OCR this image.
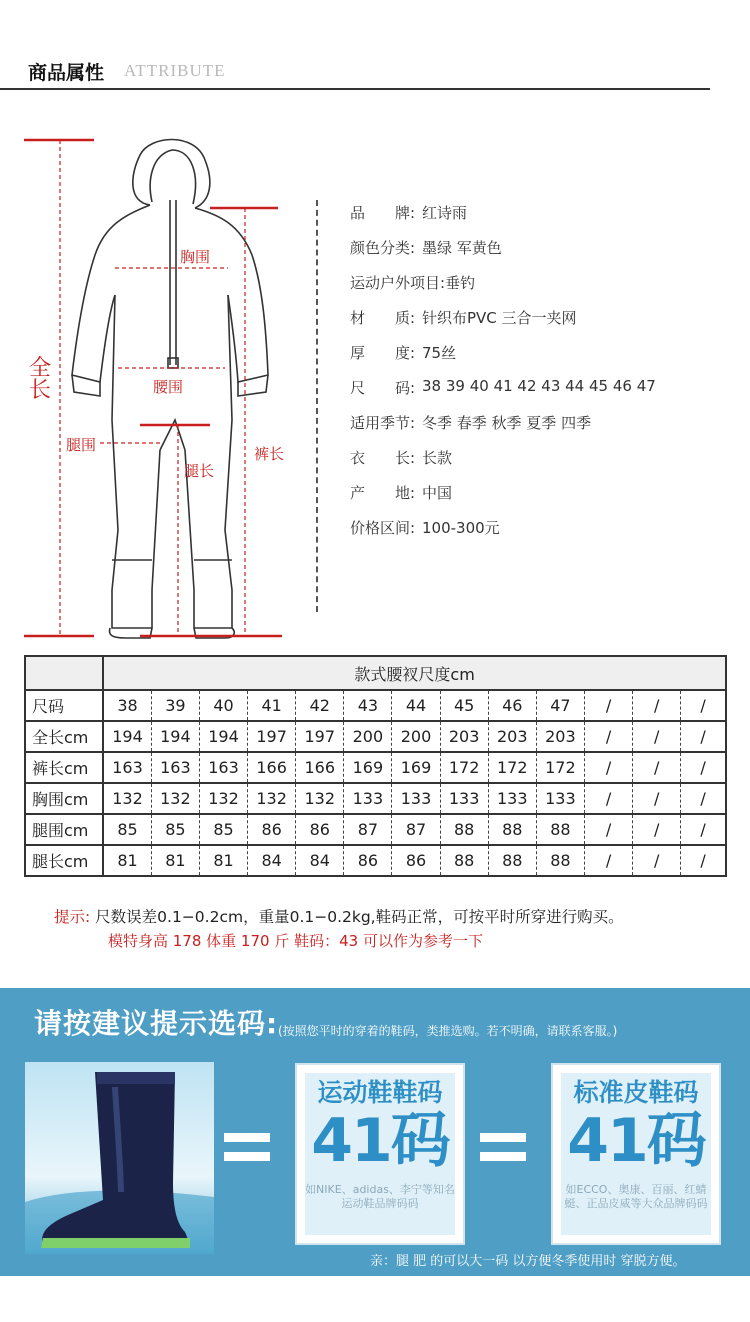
商品属性 ATTRIBUTE
全长
胸围
腰围
腿围
腿长
裤长
品　　牌: 红诗雨
颜色分类: 墨绿 军黄色
运动户外项目: 垂钓
材　　质: 针织布PVC 三合一夹网
厚　　度: 75丝
尺　　码: 38 39 40 41 42 43 44 45 46 47
适用季节: 冬季 春季 秋季 夏季 四季
衣　　长: 长款
产　　地: 中国
价格区间: 100-300元
	款式腰衩尺度cm												
尺码	38	39	40	41	42	43	44	45	46	47	/	/	/
全长cm	194	194	194	197	197	200	200	203	203	203	/	/	/
裤长cm	163	163	163	166	166	169	169	172	172	172	/	/	/
胸围cm	132	132	132	132	132	133	133	133	133	133	/	/	/
腿围cm	85	85	85	86	86	87	87	88	88	88	/	/	/
腿长cm	81	81	81	84	84	86	86	88	88	88	/	/	/
提示: 尺数误差0.1−0.2cm，重量0.1−0.2kg,鞋码正常，可按平时所穿进行购买。
模特身高 178 体重 170 斤 鞋码：43 可以作为参考一下
请按建议提示选码: (按照您平时的穿着的鞋码，类推选购。若不明确，请联系客服。)
运动鞋鞋码
41码
如NIKE、adidas、李宁等知名运动鞋品牌码码
标准皮鞋码
41码
如ECCO、奥康、百丽、红蜻蜓、正品皮威等大众品牌码码
亲：腿 肥 的可以大一码 以方便冬季使用时 穿脱方便。
